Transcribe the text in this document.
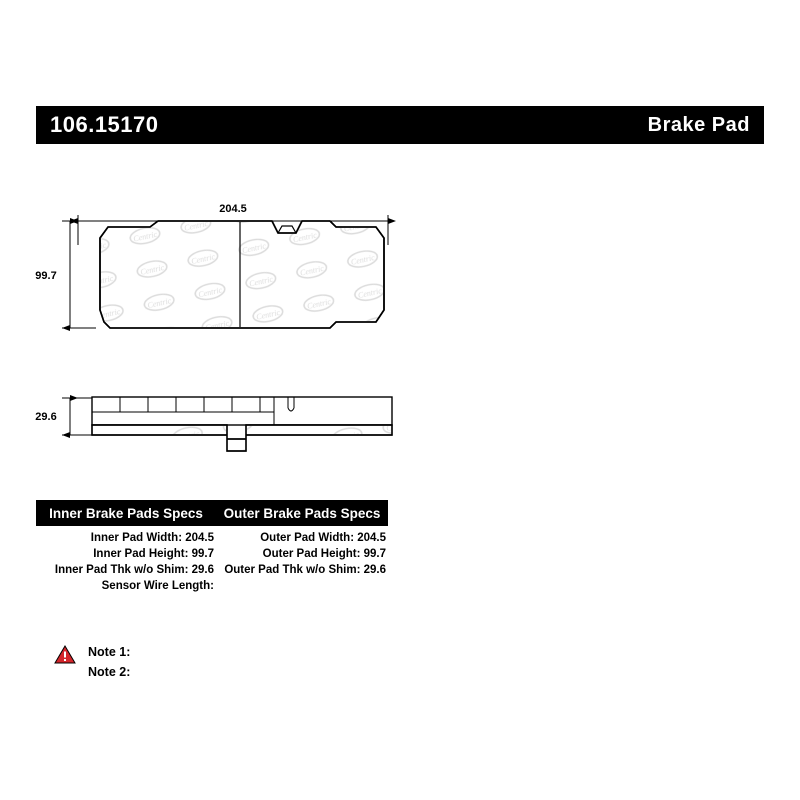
106.15170	Brake Pad
204.5
99.7
29.6
Inner Brake Pads Specs	Outer Brake Pads Specs
Inner Pad Width: 204.5
Inner Pad Height: 99.7
Inner Pad Thk w/o Shim: 29.6
Sensor Wire Length:
Outer Pad Width: 204.5
Outer Pad Height: 99.7
Outer Pad Thk w/o Shim: 29.6
Note 1:
Note 2:
